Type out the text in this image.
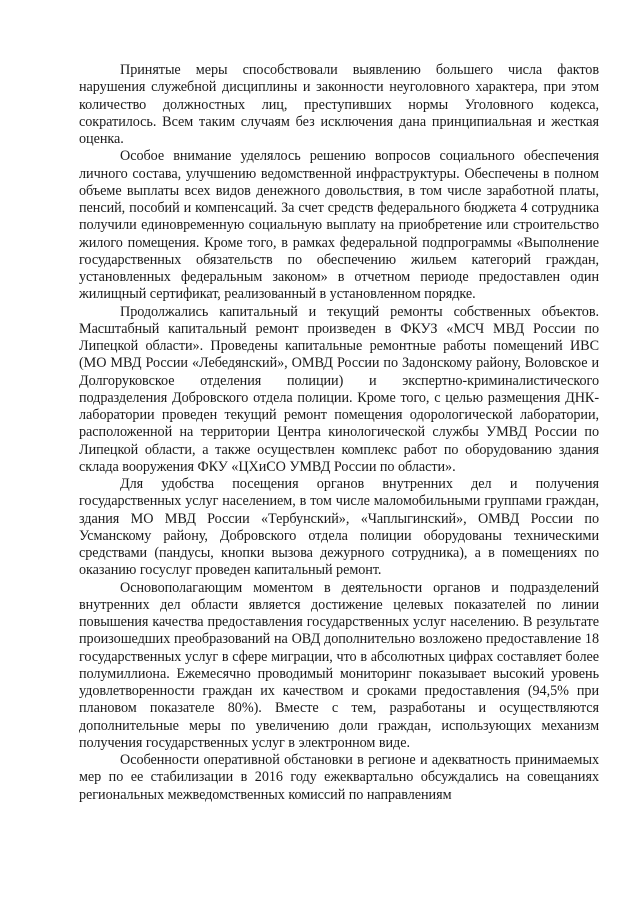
Принятые меры способствовали выявлению большего числа фактов нарушения служебной дисциплины и законности неуголовного характера, при этом количество должностных лиц, преступивших нормы Уголовного кодекса, сократилось. Всем таким случаям без исключения дана принципиальная и жесткая оценка.

Особое внимание уделялось решению вопросов социального обеспечения личного состава, улучшению ведомственной инфраструктуры. Обеспечены в полном объеме выплаты всех видов денежного довольствия, в том числе заработной платы, пенсий, пособий и компенсаций. За счет средств федерального бюджета 4 сотрудника получили единовременную социальную выплату на приобретение или строительство жилого помещения. Кроме того, в рамках федеральной подпрограммы «Выполнение государственных обязательств по обеспечению жильем категорий граждан, установленных федеральным законом» в отчетном периоде предоставлен один жилищный сертификат, реализованный в установленном порядке.

Продолжались капитальный и текущий ремонты собственных объектов. Масштабный капитальный ремонт произведен в ФКУЗ «МСЧ МВД России по Липецкой области». Проведены капитальные ремонтные работы помещений ИВС (МО МВД России «Лебедянский», ОМВД России по Задонскому району, Воловское и Долгоруковское отделения полиции) и экспертно-криминалистического подразделения Добровского отдела полиции. Кроме того, с целью размещения ДНК-лаборатории проведен текущий ремонт помещения одорологической лаборатории, расположенной на территории Центра кинологической службы УМВД России по Липецкой области, а также осуществлен комплекс работ по оборудованию здания склада вооружения ФКУ «ЦХиСО УМВД России по области».

Для удобства посещения органов внутренних дел и получения государственных услуг населением, в том числе маломобильными группами граждан, здания МО МВД России «Тербунский», «Чаплыгинский», ОМВД России по Усманскому району, Добровского отдела полиции оборудованы техническими средствами (пандусы, кнопки вызова дежурного сотрудника), а в помещениях по оказанию госуслуг проведен капитальный ремонт.

Основополагающим моментом в деятельности органов и подразделений внутренних дел области является достижение целевых показателей по линии повышения качества предоставления государственных услуг населению. В результате произошедших преобразований на ОВД дополнительно возложено предоставление 18 государственных услуг в сфере миграции, что в абсолютных цифрах составляет более полумиллиона. Ежемесячно проводимый мониторинг показывает высокий уровень удовлетворенности граждан их качеством и сроками предоставления (94,5% при плановом показателе 80%). Вместе с тем, разработаны и осуществляются дополнительные меры по увеличению доли граждан, использующих механизм получения государственных услуг в электронном виде.

Особенности оперативной обстановки в регионе и адекватность принимаемых мер по ее стабилизации в 2016 году ежеквартально обсуждались на совещаниях региональных межведомственных комиссий по направлениям
